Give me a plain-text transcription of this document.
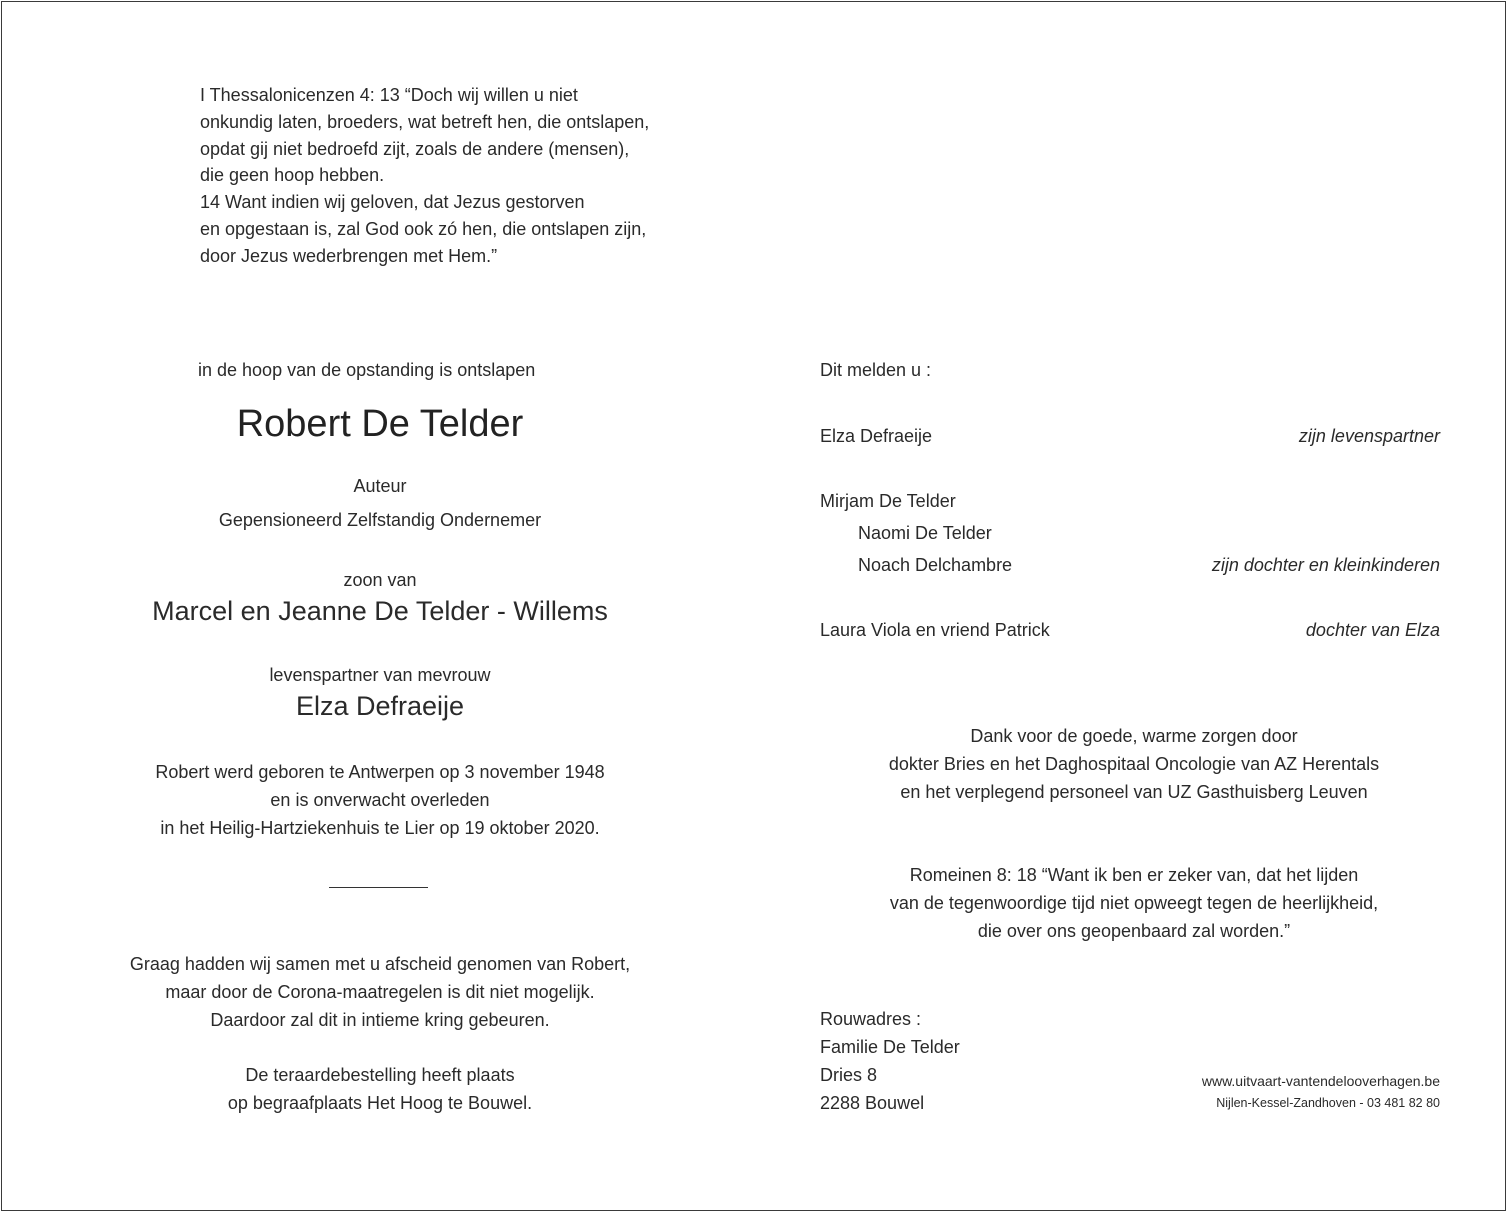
I Thessalonicenzen 4: 13 “Doch wij willen u niet
onkundig laten, broeders, wat betreft hen, die ontslapen,
opdat gij niet bedroefd zijt, zoals de andere (mensen),
die geen hoop hebben.
14 Want indien wij geloven, dat Jezus gestorven
en opgestaan is, zal God ook zó hen, die ontslapen zijn,
door Jezus wederbrengen met Hem.”
in de hoop van de opstanding is ontslapen
Robert De Telder
Auteur
Gepensioneerd Zelfstandig Ondernemer
zoon van
Marcel en Jeanne De Telder - Willems
levenspartner van mevrouw
Elza Defraeije
Robert werd geboren te Antwerpen op 3 november 1948
en is onverwacht overleden
in het Heilig-Hartziekenhuis te Lier op 19 oktober 2020.
Graag hadden wij samen met u afscheid genomen van Robert,
maar door de Corona-maatregelen is dit niet mogelijk.
Daardoor zal dit in intieme kring gebeuren.
De teraardebestelling heeft plaats
op begraafplaats Het Hoog te Bouwel.
Dit melden u :
Elza Defraeije	zijn levenspartner
Mirjam De Telder
Naomi De Telder
Noach Delchambre	zijn dochter en kleinkinderen
Laura Viola en vriend Patrick	dochter van Elza
Dank voor de goede, warme zorgen door
dokter Bries en het Daghospitaal Oncologie van AZ Herentals
en het verplegend personeel van UZ Gasthuisberg Leuven
Romeinen 8: 18 “Want ik ben er zeker van, dat het lijden
van de tegenwoordige tijd niet opweegt tegen de heerlijkheid,
die over ons geopenbaard zal worden.”
Rouwadres :
Familie De Telder
Dries 8
2288 Bouwel
www.uitvaart-vantendelooverhagen.be
Nijlen-Kessel-Zandhoven - 03 481 82 80
